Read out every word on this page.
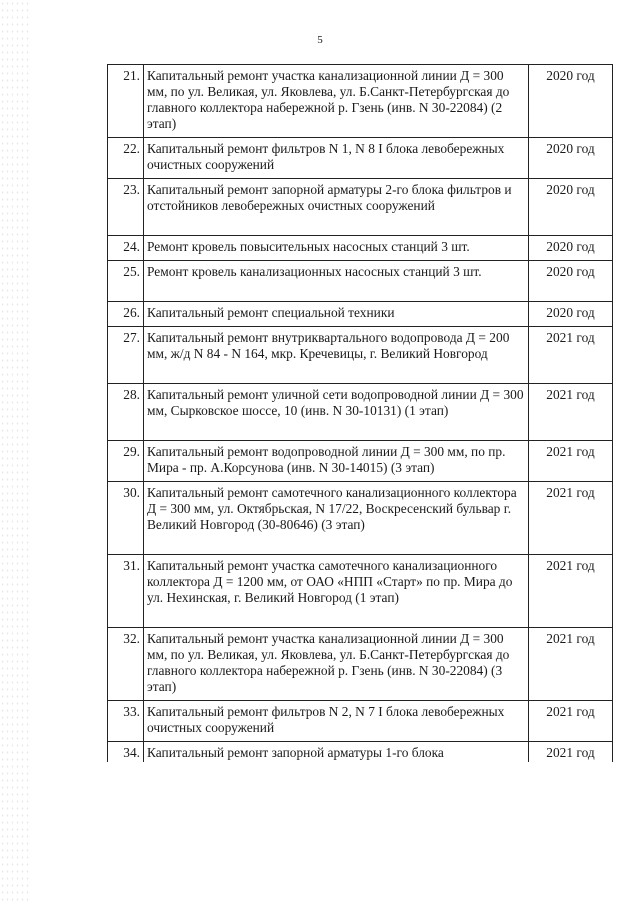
5
21.	Капитальный ремонт участка канализационной линии Д = 300 мм, по ул. Великая, ул. Яковлева, ул. Б.Санкт-Петербургская до главного коллектора набережной р. Гзень (инв. N 30-22084) (2 этап)	2020 год
22.	Капитальный ремонт фильтров N 1, N 8 I блока левобережных очистных сооружений	2020 год
23.	Капитальный ремонт запорной арматуры 2-го блока фильтров и отстойников левобережных очистных сооружений	2020 год
24.	Ремонт кровель повысительных насосных станций 3 шт.	2020 год
25.	Ремонт кровель канализационных насосных станций 3 шт.	2020 год
26.	Капитальный ремонт специальной техники	2020 год
27.	Капитальный ремонт внутриквартального водопровода Д = 200 мм, ж/д N 84 - N 164, мкр. Кречевицы, г. Великий Новгород	2021 год
28.	Капитальный ремонт уличной сети водопроводной линии Д = 300 мм, Сырковское шоссе, 10 (инв. N 30-10131) (1 этап)	2021 год
29.	Капитальный ремонт водопроводной линии Д = 300 мм, по пр. Мира - пр. А.Корсунова (инв. N 30-14015) (3 этап)	2021 год
30.	Капитальный ремонт самотечного канализационного коллектора Д = 300 мм, ул. Октябрьская, N 17/22, Воскресенский бульвар г. Великий Новгород (30-80646) (3 этап)	2021 год
31.	Капитальный ремонт участка самотечного канализационного коллектора Д = 1200 мм, от ОАО «НПП «Старт» по пр. Мира до ул. Нехинская, г. Великий Новгород (1 этап)	2021 год
32.	Капитальный ремонт участка канализационной линии Д = 300 мм, по ул. Великая, ул. Яковлева, ул. Б.Санкт-Петербургская до главного коллектора набережной р. Гзень (инв. N 30-22084) (3 этап)	2021 год
33.	Капитальный ремонт фильтров N 2, N 7 I блока левобережных очистных сооружений	2021 год
34.	Капитальный ремонт запорной арматуры 1-го блока	2021 год
